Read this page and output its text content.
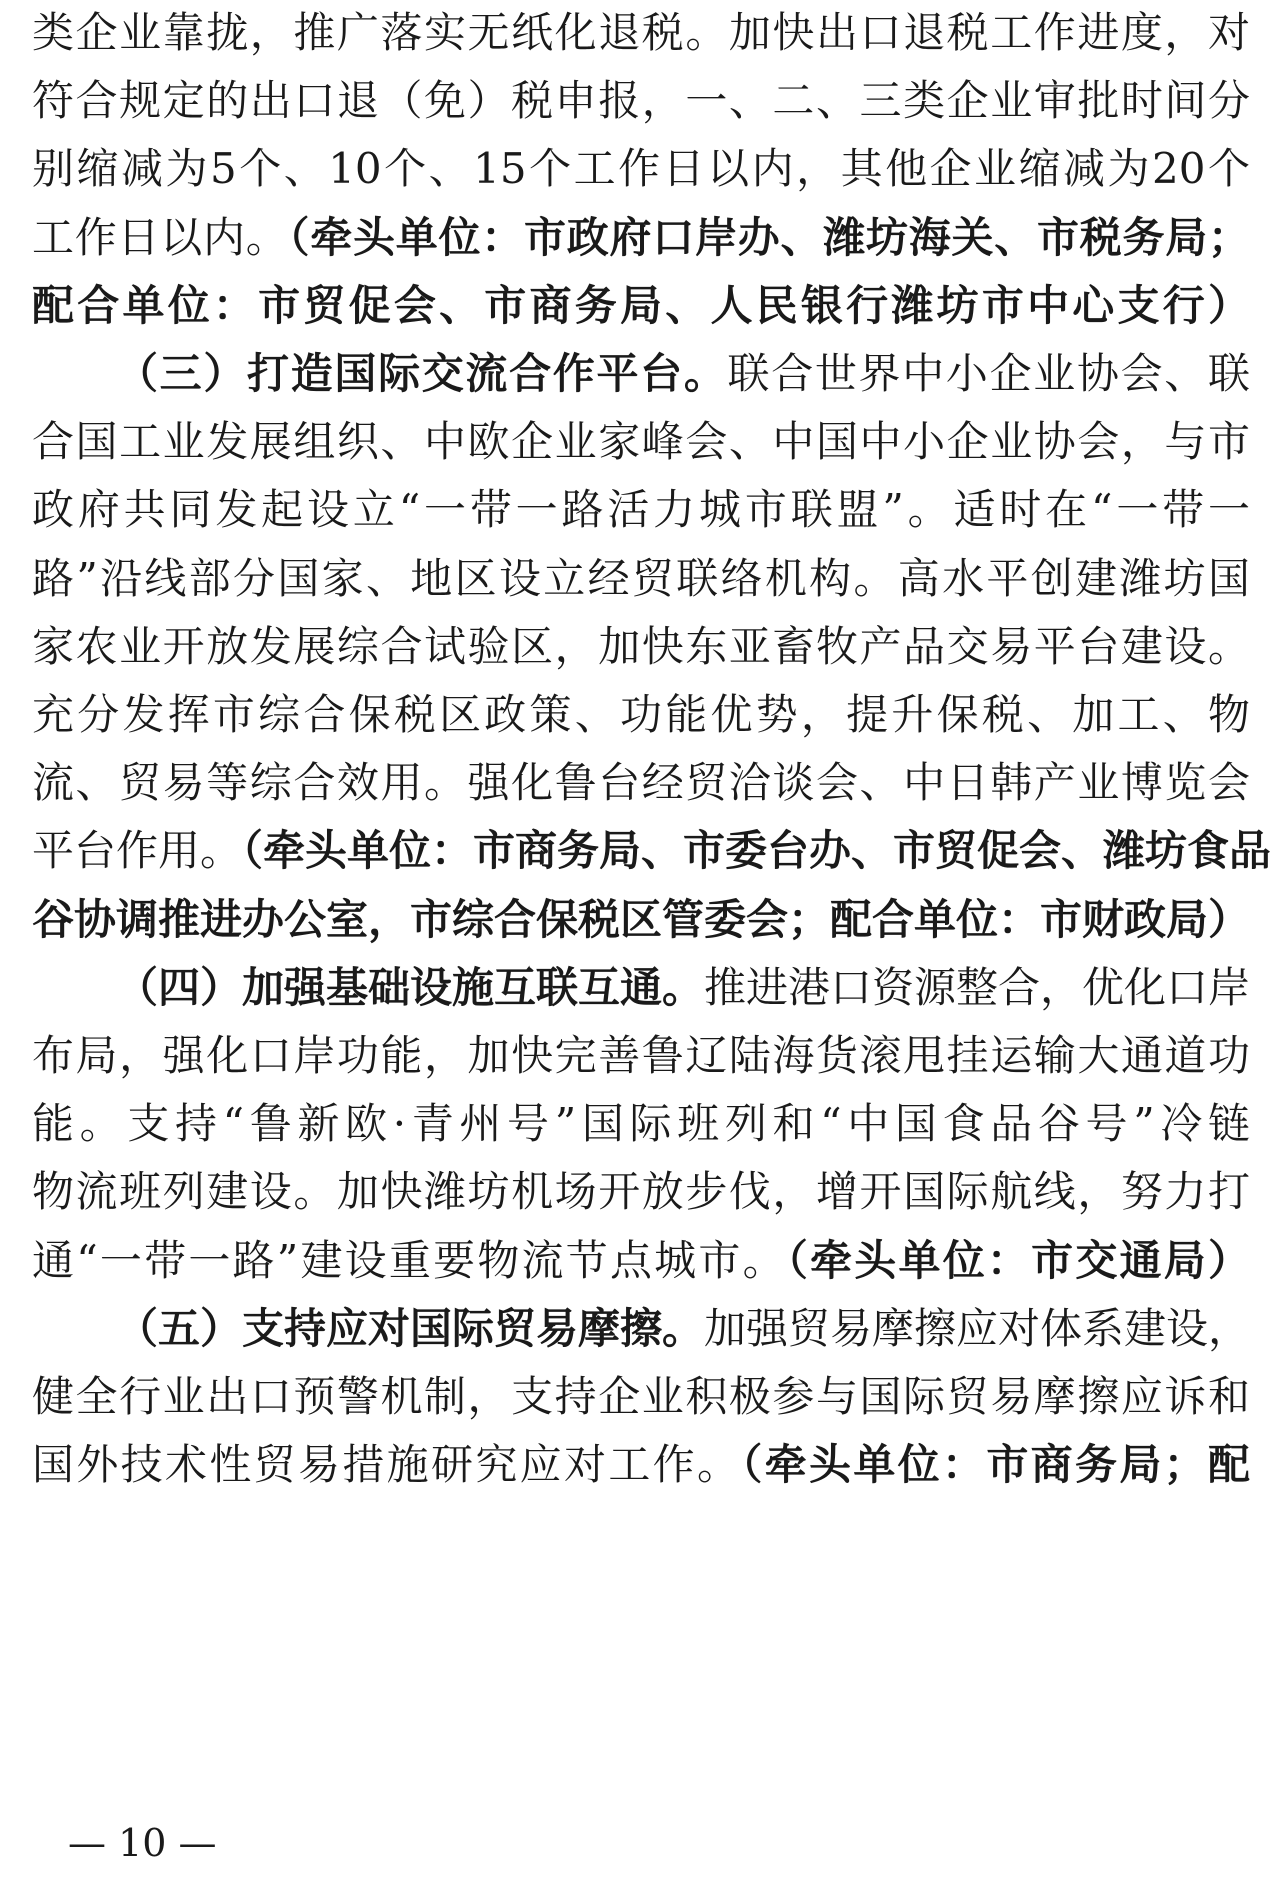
类企业靠拢，推广落实无纸化退税。加快出口退税工作进度，对
符合规定的出口退（免）税申报，一、二、三类企业审批时间分
别缩减为5个、10个、15个工作日以内，其他企业缩减为20个
工作日以内。（牵头单位：市政府口岸办、潍坊海关、市税务局；
配合单位：市贸促会、市商务局、人民银行潍坊市中心支行）
（三）打造国际交流合作平台。联合世界中小企业协会、联
合国工业发展组织、中欧企业家峰会、中国中小企业协会，与市
政府共同发起设立“一带一路活力城市联盟”。适时在“一带一
路”沿线部分国家、地区设立经贸联络机构。高水平创建潍坊国
家农业开放发展综合试验区，加快东亚畜牧产品交易平台建设。
充分发挥市综合保税区政策、功能优势，提升保税、加工、物
流、贸易等综合效用。强化鲁台经贸洽谈会、中日韩产业博览会
平台作用。（牵头单位：市商务局、市委台办、市贸促会、潍坊食品
谷协调推进办公室，市综合保税区管委会；配合单位：市财政局）
（四）加强基础设施互联互通。推进港口资源整合，优化口岸
布局，强化口岸功能，加快完善鲁辽陆海货滚甩挂运输大通道功
能。支持“鲁新欧·青州号”国际班列和“中国食品谷号”冷链
物流班列建设。加快潍坊机场开放步伐，增开国际航线，努力打
通“一带一路”建设重要物流节点城市。（牵头单位：市交通局）
（五）支持应对国际贸易摩擦。加强贸易摩擦应对体系建设，
健全行业出口预警机制，支持企业积极参与国际贸易摩擦应诉和
国外技术性贸易措施研究应对工作。（牵头单位：市商务局；配
— 10 —
